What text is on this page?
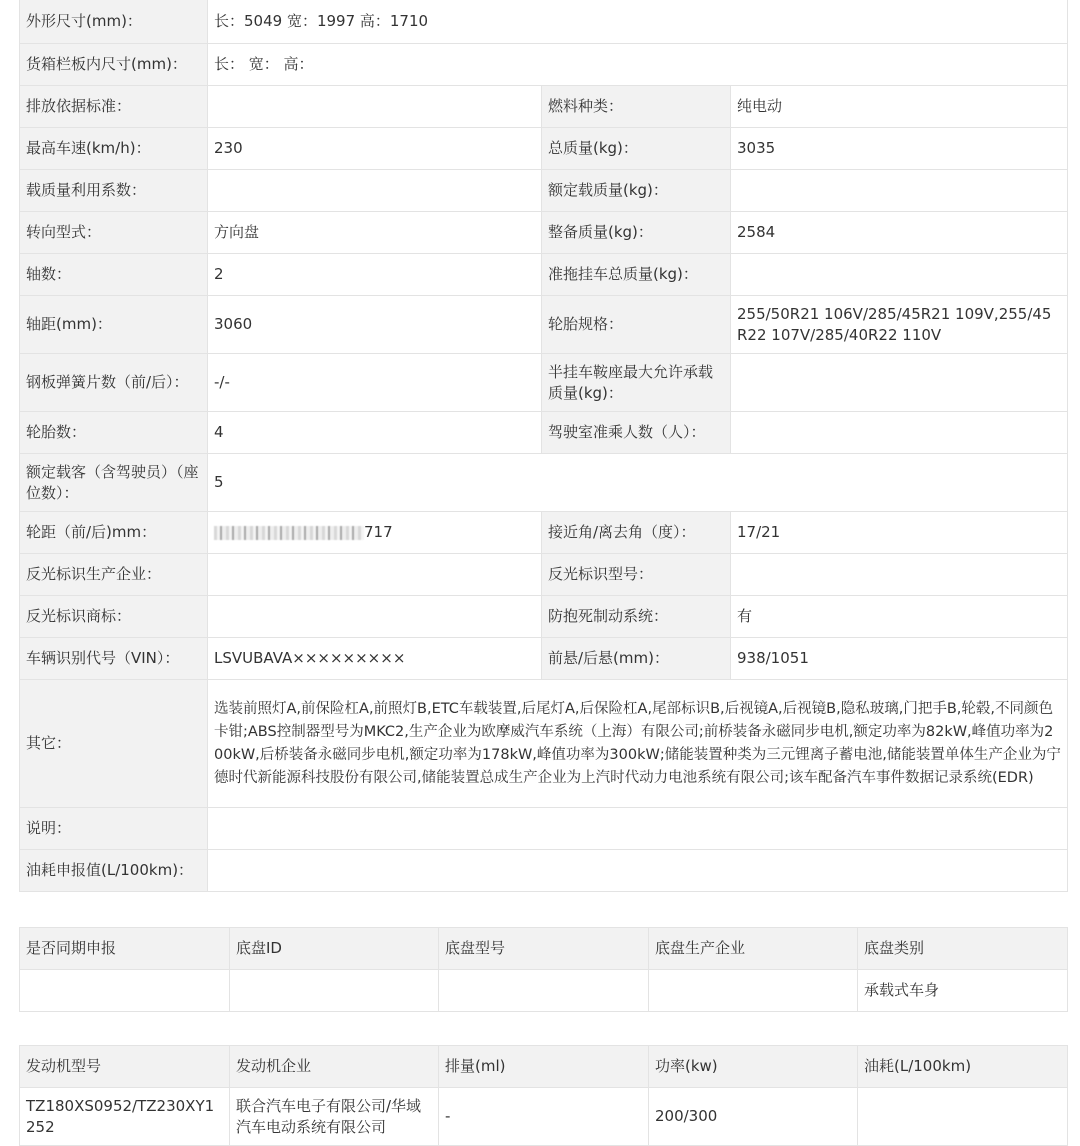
外形尺寸(mm)：	长：5049 宽：1997 高：1710		
货箱栏板内尺寸(mm)：	长： 宽： 高：		
排放依据标准：		燃料种类：	纯电动
最高车速(km/h)：	230	总质量(kg)：	3035
载质量利用系数：		额定载质量(kg)：	
转向型式：	方向盘	整备质量(kg)：	2584
轴数：	2	准拖挂车总质量(kg)：	
轴距(mm)：	3060	轮胎规格：	255/50R21 106V/285/45R21 109V,255/45R22 107V/285/40R22 110V
钢板弹簧片数（前/后）：	-/-	半挂车鞍座最大允许承载质量(kg)：	
轮胎数：	4	驾驶室准乘人数（人）：	
额定载客（含驾驶员）（座位数）：	5		
轮距（前/后)mm：	717	接近角/离去角（度）：	17/21
反光标识生产企业：		反光标识型号：	
反光标识商标：		防抱死制动系统：	有
车辆识别代号（VIN）：	LSVUBAVA×××××××××	前悬/后悬(mm)：	938/1051
其它：	选装前照灯A,前保险杠A,前照灯B,ETC车载装置,后尾灯A,后保险杠A,尾部标识B,后视镜A,后视镜B,隐私玻璃,门把手B,轮毂,不同颜色卡钳;ABS控制器型号为MKC2,生产企业为欧摩威汽车系统（上海）有限公司;前桥装备永磁同步电机,额定功率为82kW,峰值功率为200kW,后桥装备永磁同步电机,额定功率为178kW,峰值功率为300kW;储能装置种类为三元锂离子蓄电池,储能装置单体生产企业为宁德时代新能源科技股份有限公司,储能装置总成生产企业为上汽时代动力电池系统有限公司;该车配备汽车事件数据记录系统(EDR)		
说明：			
油耗申报值(L/100km)：			
是否同期申报	底盘ID	底盘型号	底盘生产企业	底盘类别
				承载式车身
发动机型号	发动机企业	排量(ml)	功率(kw)	油耗(L/100km)
TZ180XS0952/TZ230XY1252	联合汽车电子有限公司/华域汽车电动系统有限公司	-	200/300	
